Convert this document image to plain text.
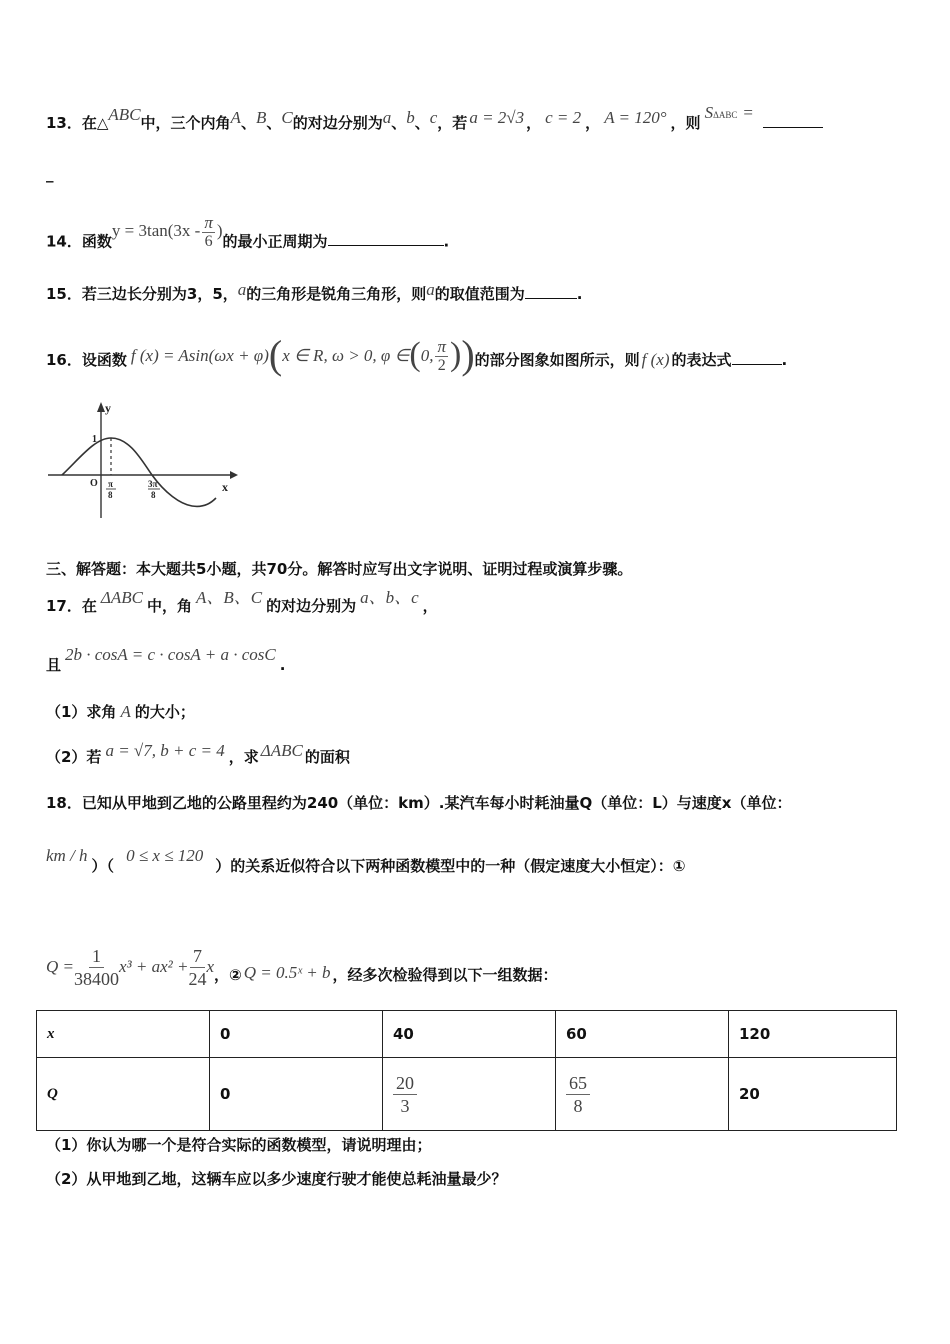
13．在△ABC中，三个内角A、B、C的对边分别为a、b、c，若 a = 2√3 ， c = 2 ， A = 120° ，则SΔABC =
_
14．函数$y = 3\tan(3x - \frac{\pi}{6}$ )的最小正周期为	.
15．若三边长分别为3，5，a的三角形是锐角三角形，则a的取值范围为	.
16．设函数 f (x) = Asin(ωx + φ)(x ∈ R, ω > 0, φ ∈(0, $\frac{\pi}{2}$ ))的部分图象如图所示，则 f (x) 的表达式	.
y
x
O
1
π
8
3π
8
三、解答题：本大题共5小题，共70分。解答时应写出文字说明、证明过程或演算步骤。
17．在 ΔABC 中，角 A、B、C 的对边分别为 a、b、c ，
且2b · cosA = c · cosA + a · cosC.
（1）求角 A 的大小；
（2）若 a = √7, b + c = 4 ，求 ΔABC 的面积
18．已知从甲地到乙地的公路里程约为240（单位：km）.某汽车每小时耗油量Q（单位：L）与速度x（单位：
km / h）（0 ≤ x ≤ 120）的关系近似符合以下两种函数模型中的一种（假定速度大小恒定）：①
$Q = \frac{1}{38400} x^3 + ax^2 + \frac{7}{24}$ x，② Q = 0.5ˣ + b ，经多次检验得到以下一组数据：
x	0	40	60	120
Q	0	$\frac{20}{3}$	$\frac{65}{8}$	20
（1）你认为哪一个是符合实际的函数模型，请说明理由；
（2）从甲地到乙地，这辆车应以多少速度行驶才能使总耗油量最少？
